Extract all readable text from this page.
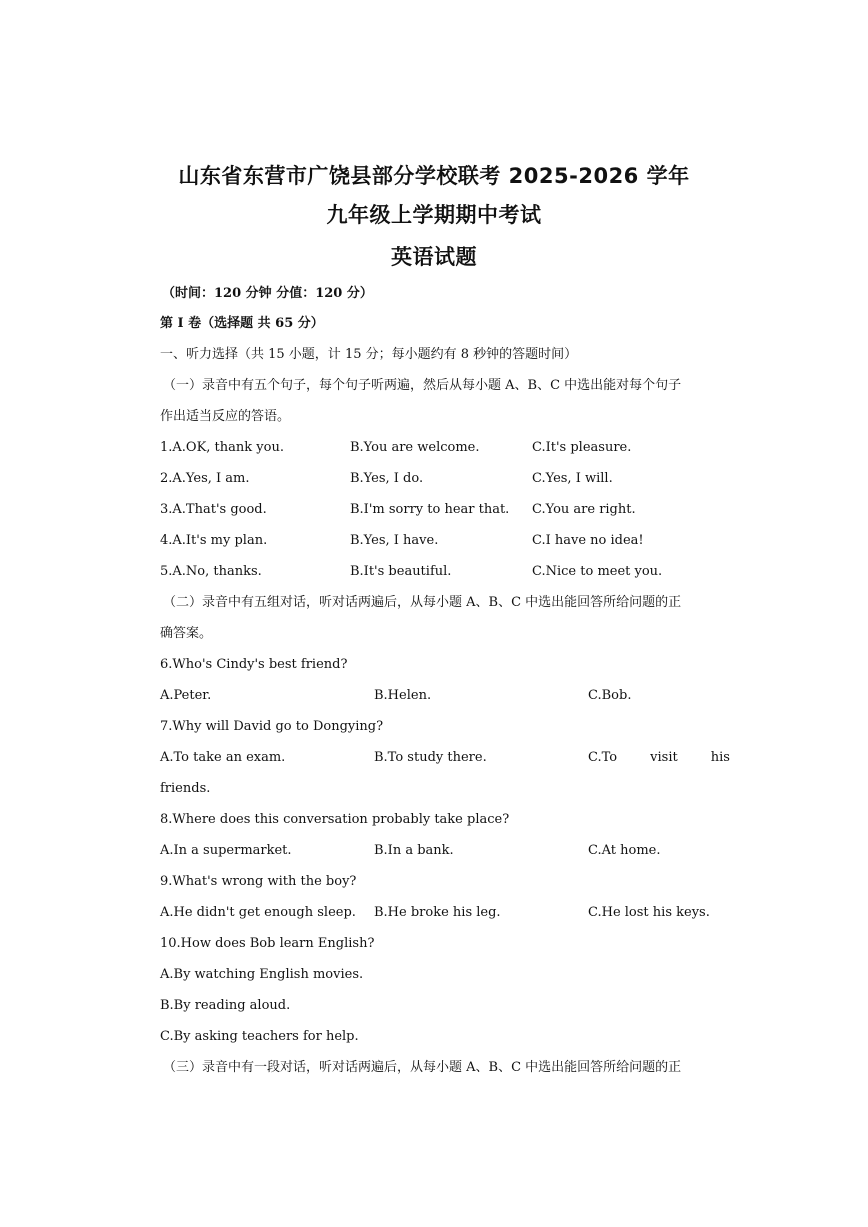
山东省东营市广饶县部分学校联考 2025-2026 学年
九年级上学期期中考试
英语试题
（时间：120 分钟 分值：120 分）
第 I 卷（选择题 共 65 分）
一、听力选择（共 15 小题，计 15 分；每小题约有 8 秒钟的答题时间）
（一）录音中有五个句子，每个句子听两遍，然后从每小题 A、B、C 中选出能对每个句子
作出适当反应的答语。
1.A.OK, thank you.	B.You are welcome.	C.It's pleasure.
2.A.Yes, I am.	B.Yes, I do.	C.Yes, I will.
3.A.That's good.	B.I'm sorry to hear that. C.You are right.
4.A.It's my plan.	B.Yes, I have.	C.I have no idea!
5.A.No, thanks.	B.It's beautiful.	C.Nice to meet you.
（二）录音中有五组对话，听对话两遍后，从每小题 A、B、C 中选出能回答所给问题的正
确答案。
6.Who's Cindy's best friend?
A.Peter.	B.Helen.	C.Bob.
7.Why will David go to Dongying?
A.To take an exam.	B.To study there.	C.To        visit        his
friends.
8.Where does this conversation probably take place?
A.In a supermarket.	B.In a bank.	C.At home.
9.What's wrong with the boy?
A.He didn't get enough sleep. B.He broke his leg.	C.He lost his keys.
10.How does Bob learn English?
A.By watching English movies.
B.By reading aloud.
C.By asking teachers for help.
（三）录音中有一段对话，听对话两遍后，从每小题 A、B、C 中选出能回答所给问题的正
